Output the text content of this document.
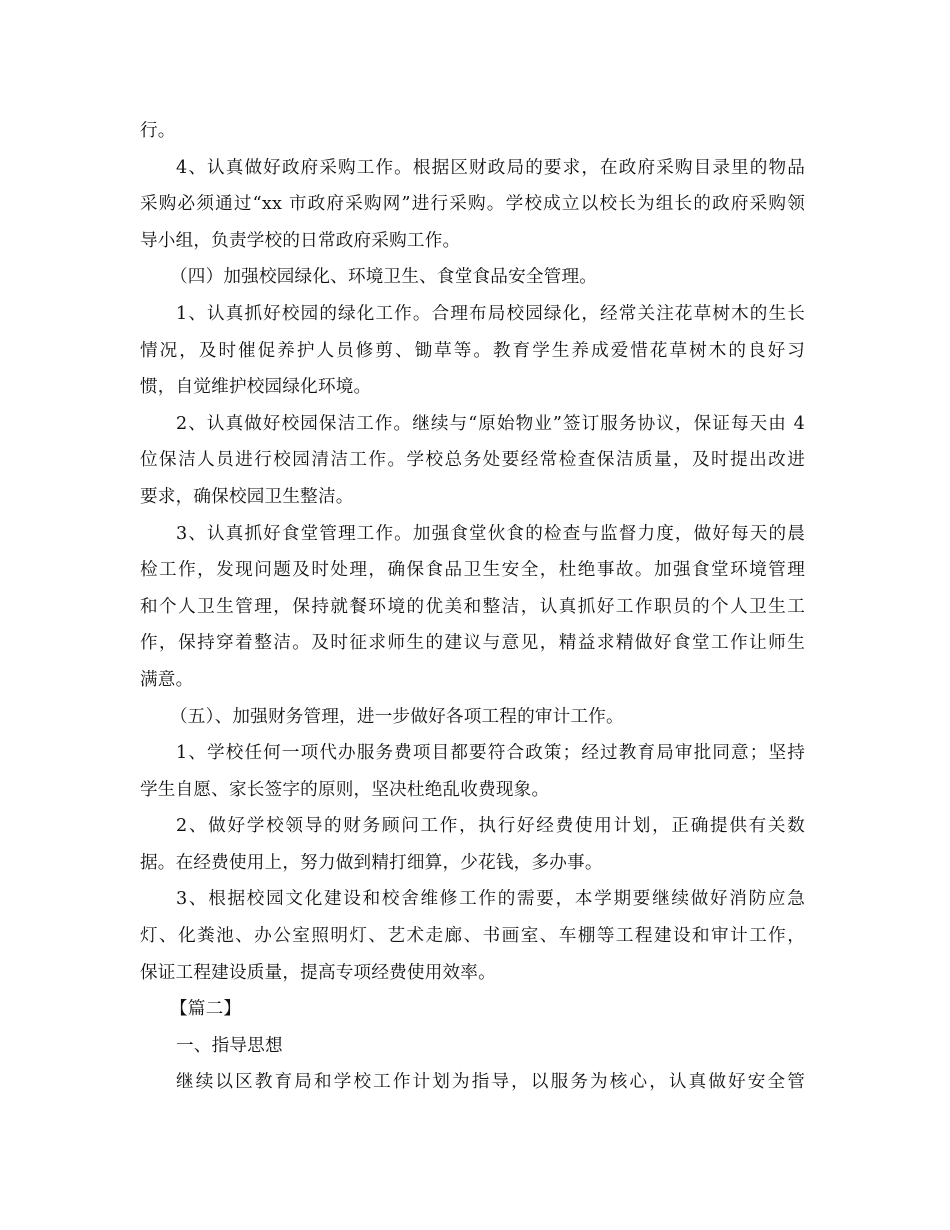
行。
4、认真做好政府采购工作。根据区财政局的要求，在政府采购目录里的物品
采购必须通过“xx 市政府采购网”进行采购。学校成立以校长为组长的政府采购领
导小组，负责学校的日常政府采购工作。
（四）加强校园绿化、环境卫生、食堂食品安全管理。
1、认真抓好校园的绿化工作。合理布局校园绿化，经常关注花草树木的生长
情况，及时催促养护人员修剪、锄草等。教育学生养成爱惜花草树木的良好习
惯，自觉维护校园绿化环境。
2、认真做好校园保洁工作。继续与“原始物业”签订服务协议，保证每天由 4
位保洁人员进行校园清洁工作。学校总务处要经常检查保洁质量，及时提出改进
要求，确保校园卫生整洁。
3、认真抓好食堂管理工作。加强食堂伙食的检查与监督力度，做好每天的晨
检工作，发现问题及时处理，确保食品卫生安全，杜绝事故。加强食堂环境管理
和个人卫生管理，保持就餐环境的优美和整洁，认真抓好工作职员的个人卫生工
作，保持穿着整洁。及时征求师生的建议与意见，精益求精做好食堂工作让师生
满意。
（五）、加强财务管理，进一步做好各项工程的审计工作。
1、学校任何一项代办服务费项目都要符合政策；经过教育局审批同意；坚持
学生自愿、家长签字的原则，坚决杜绝乱收费现象。
2、做好学校领导的财务顾问工作，执行好经费使用计划，正确提供有关数
据。在经费使用上，努力做到精打细算，少花钱，多办事。
3、根据校园文化建设和校舍维修工作的需要，本学期要继续做好消防应急
灯、化粪池、办公室照明灯、艺术走廊、书画室、车棚等工程建设和审计工作，
保证工程建设质量，提高专项经费使用效率。
【篇二】
一、指导思想
继续以区教育局和学校工作计划为指导，以服务为核心，认真做好安全管
